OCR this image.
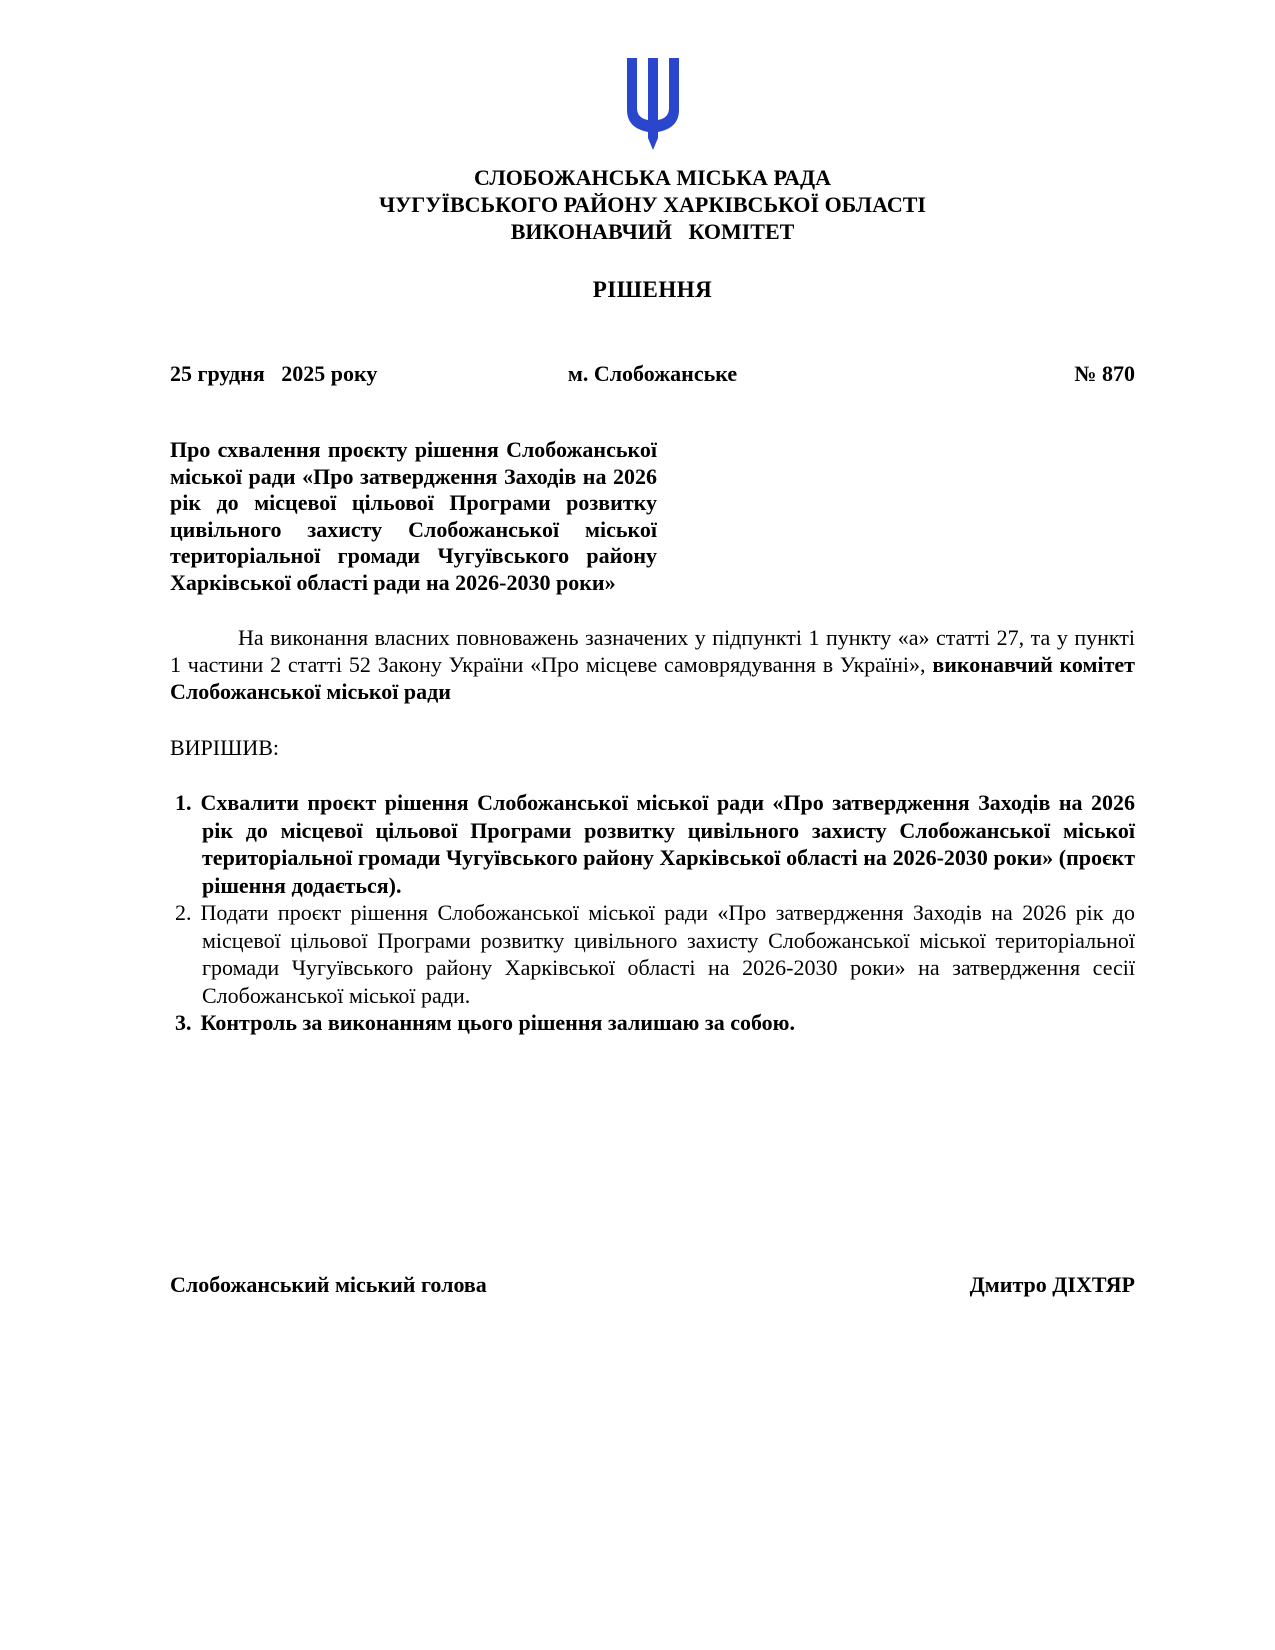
СЛОБОЖАНСЬКА МІСЬКА РАДА
ЧУГУЇВСЬКОГО РАЙОНУ ХАРКІВСЬКОЇ ОБЛАСТІ
ВИКОНАВЧИЙ   КОМІТЕТ
РІШЕННЯ
25 грудня   2025 року	м. Слобожанське	№ 870
Про схвалення проєкту рішення Слобожанської міської ради «Про затвердження Заходів на 2026 рік до місцевої цільової Програми розвитку цивільного захисту Слобожанської міської територіальної громади Чугуївського району Харківської області ради на 2026-2030 роки»
На виконання власних повноважень зазначених у підпункті 1 пункту «а» статті 27, та у пункті 1 частини 2 статті 52 Закону України «Про місцеве самоврядування в Україні», виконавчий комітет Слобожанської міської ради
ВИРІШИВ:
1. Схвалити проєкт рішення Слобожанської міської ради «Про затвердження Заходів на 2026 рік до місцевої цільової Програми розвитку цивільного захисту Слобожанської міської територіальної громади Чугуївського району Харківської області на 2026-2030 роки» (проєкт рішення додається).
2. Подати проєкт рішення Слобожанської міської ради «Про затвердження Заходів на 2026 рік до місцевої цільової Програми розвитку цивільного захисту Слобожанської міської територіальної громади Чугуївського району Харківської області на 2026-2030 роки» на затвердження сесії Слобожанської міської ради.
3. Контроль за виконанням цього рішення залишаю за собою.
Слобожанський міський голова	Дмитро ДІХТЯР
